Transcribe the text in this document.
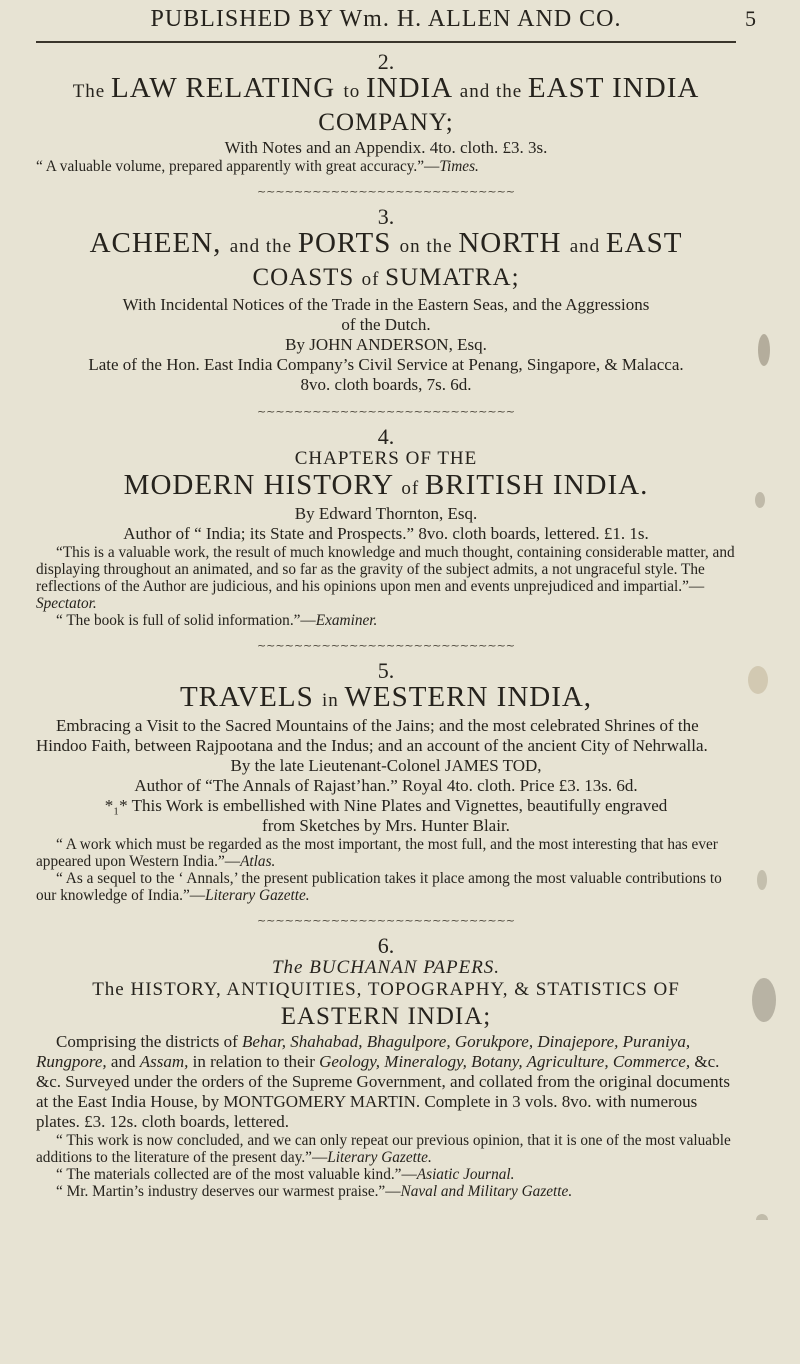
PUBLISHED BY Wm. H. ALLEN AND CO.	5
2.
The LAW RELATING to INDIA and the EAST INDIA
COMPANY;
With Notes and an Appendix. 4to. cloth. £3. 3s.
“ A valuable volume, prepared apparently with great accuracy.”—Times.
~~~~~~~~~~~~~~~~~~~~~~~~~~~~
3.
ACHEEN, and the PORTS on the NORTH and EAST
COASTS of SUMATRA;
With Incidental Notices of the Trade in the Eastern Seas, and the Aggressions
of the Dutch.
By JOHN ANDERSON, Esq.
Late of the Hon. East India Company’s Civil Service at Penang, Singapore, & Malacca.
8vo. cloth boards, 7s. 6d.
~~~~~~~~~~~~~~~~~~~~~~~~~~~~
4.
CHAPTERS OF THE
MODERN HISTORY of BRITISH INDIA.
By Edward Thornton, Esq.
Author of “ India; its State and Prospects.” 8vo. cloth boards, lettered. £1. 1s.
“This is a valuable work, the result of much knowledge and much thought, containing considerable matter, and displaying throughout an animated, and so far as the gravity of the subject admits, a not ungraceful style. The reflections of the Author are judicious, and his opinions upon men and events unprejudiced and impartial.”—Spectator.
“ The book is full of solid information.”—Examiner.
~~~~~~~~~~~~~~~~~~~~~~~~~~~~
5.
TRAVELS in WESTERN INDIA,
Embracing a Visit to the Sacred Mountains of the Jains; and the most celebrated Shrines of the Hindoo Faith, between Rajpootana and the Indus; and an account of the ancient City of Nehrwalla.
By the late Lieutenant-Colonel JAMES TOD,
Author of “The Annals of Rajast’han.” Royal 4to. cloth. Price £3. 13s. 6d.
*₁* This Work is embellished with Nine Plates and Vignettes, beautifully engraved
from Sketches by Mrs. Hunter Blair.
“ A work which must be regarded as the most important, the most full, and the most interesting that has ever appeared upon Western India.”—Atlas.
“ As a sequel to the ‘ Annals,’ the present publication takes it place among the most valuable contributions to our knowledge of India.”—Literary Gazette.
~~~~~~~~~~~~~~~~~~~~~~~~~~~~
6.
The BUCHANAN PAPERS.
The HISTORY, ANTIQUITIES, TOPOGRAPHY, & STATISTICS OF
EASTERN INDIA;
Comprising the districts of Behar, Shahabad, Bhagulpore, Gorukpore, Dinajepore, Puraniya, Rungpore, and Assam, in relation to their Geology, Mineralogy, Botany, Agriculture, Commerce, &c. &c. Surveyed under the orders of the Supreme Government, and collated from the original documents at the East India House, by MONTGOMERY MARTIN. Complete in 3 vols. 8vo. with numerous plates. £3. 12s. cloth boards, lettered.
“ This work is now concluded, and we can only repeat our previous opinion, that it is one of the most valuable additions to the literature of the present day.”—Literary Gazette.
“ The materials collected are of the most valuable kind.”—Asiatic Journal.
“ Mr. Martin’s industry deserves our warmest praise.”—Naval and Military Gazette.
